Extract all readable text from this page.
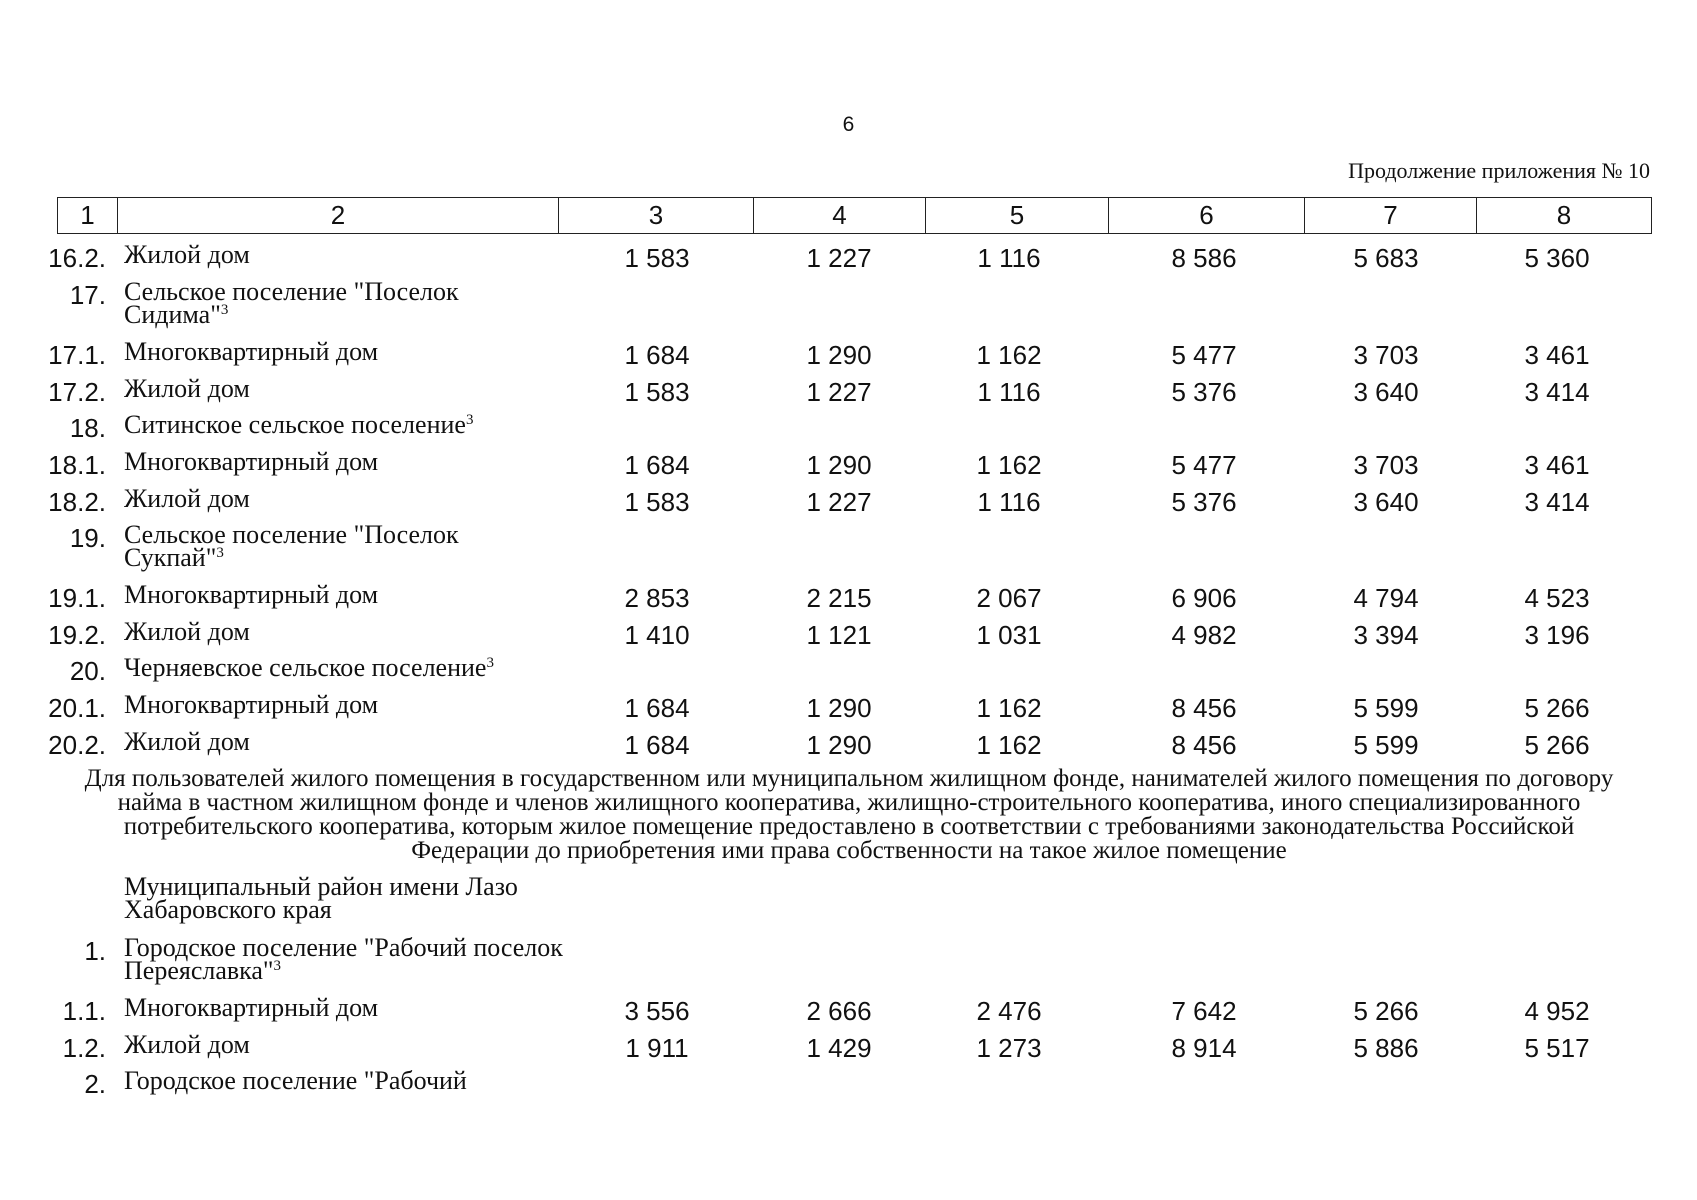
6
Продолжение приложения № 10
1	2	3	4	5	6	7	8
16.2. Жилой дом	1 583	1 227	1 116	8 586	5 683	5 360
17. Сельское поселение "Поселок Сидима"$^3$
17.1. Многоквартирный дом	1 684	1 290	1 162	5 477	3 703	3 461
17.2. Жилой дом	1 583	1 227	1 116	5 376	3 640	3 414
18. Ситинское сельское поселение$^3$
18.1. Многоквартирный дом	1 684	1 290	1 162	5 477	3 703	3 461
18.2. Жилой дом	1 583	1 227	1 116	5 376	3 640	3 414
19. Сельское поселение "Поселок Сукпай"$^3$
19.1. Многоквартирный дом	2 853	2 215	2 067	6 906	4 794	4 523
19.2. Жилой дом	1 410	1 121	1 031	4 982	3 394	3 196
20. Черняевское сельское поселение$^3$
20.1. Многоквартирный дом	1 684	1 290	1 162	8 456	5 599	5 266
20.2. Жилой дом	1 684	1 290	1 162	8 456	5 599	5 266
Для пользователей жилого помещения в государственном или муниципальном жилищном фонде, нанимателей жилого помещения по договору найма в частном жилищном фонде и членов жилищного кооператива, жилищно-строительного кооператива, иного специализированного потребительского кооператива, которым жилое помещение предоставлено в соответствии с требованиями законодательства Российской Федерации до приобретения ими права собственности на такое жилое помещение
Муниципальный район имени Лазо Хабаровского края
1. Городское поселение "Рабочий поселок Переяславка"$^3$
1.1. Многоквартирный дом	3 556	2 666	2 476	7 642	5 266	4 952
1.2. Жилой дом	1 911	1 429	1 273	8 914	5 886	5 517
2. Городское поселение "Рабочий
